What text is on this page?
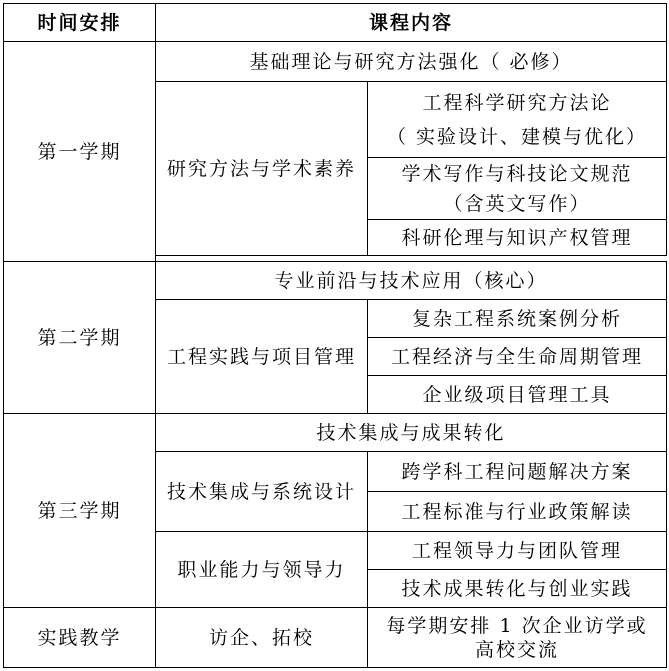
时间安排	课程内容	
第一学期	基础理论与研究方法强化（ 必修）	
	研究方法与学术素养	工程科学研究方法论
（ 实验设计、建模与优化）

		学术写作与科技论文规范
（含英文写作）

		科研伦理与知识产权管理

第二学期	专业前沿与技术应用（核心）	
	工程实践与项目管理	复杂工程系统案例分析
		工程经济与全生命周期管理
		企业级项目管理工具
第三学期	技术集成与成果转化	
	技术集成与系统设计	跨学科工程问题解决方案
		工程标准与行业政策解读
	职业能力与领导力	工程领导力与团队管理
		技术成果转化与创业实践
实践教学	访企、拓校	每学期安排 1 次企业访学或
高校交流
